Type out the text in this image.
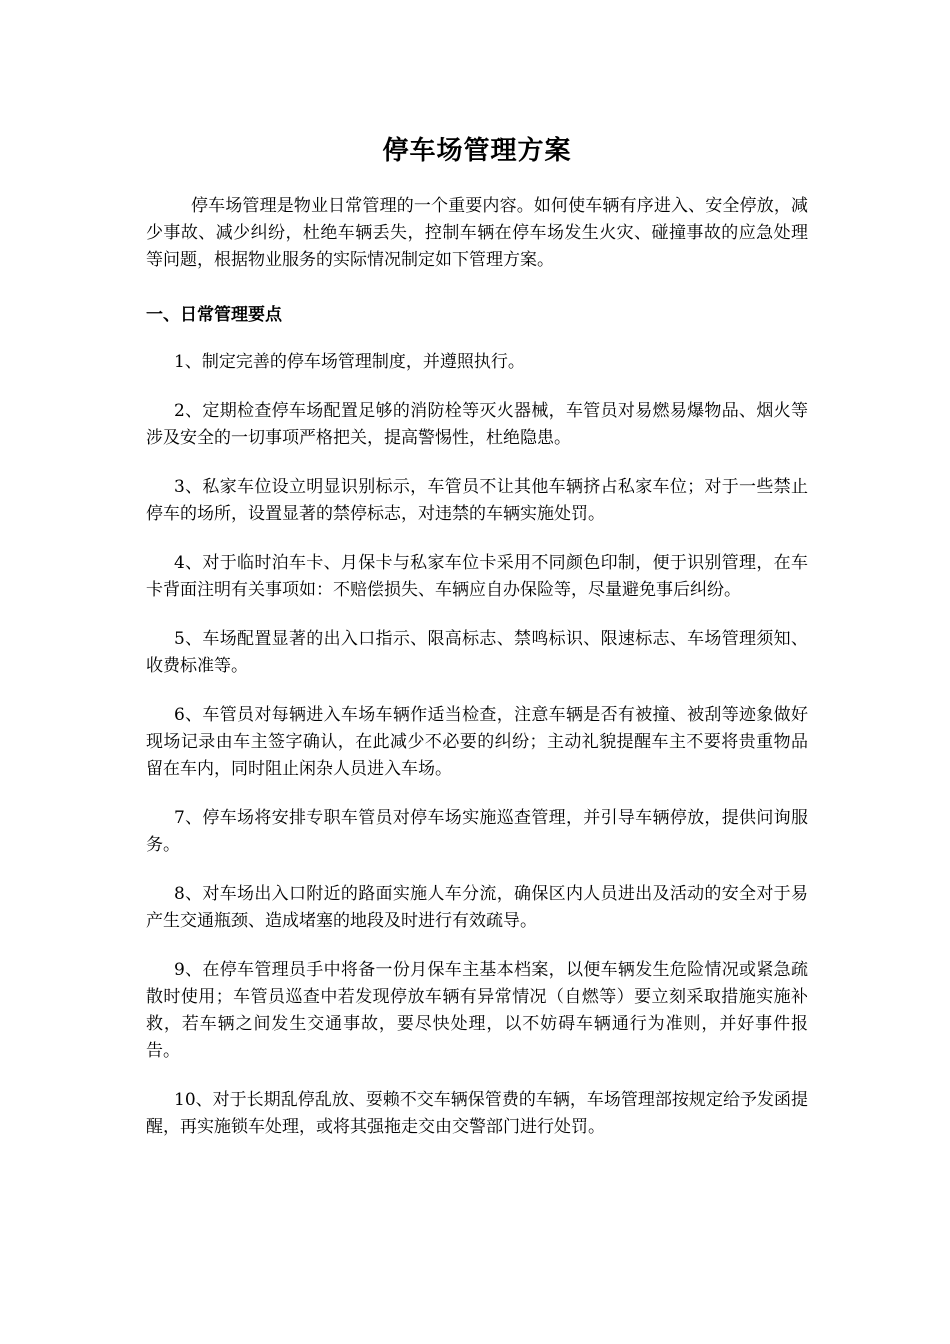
停车场管理方案

停车场管理是物业日常管理的一个重要内容。如何使车辆有序进入、安全停放，减少事故、减少纠纷，杜绝车辆丢失，控制车辆在停车场发生火灾、碰撞事故的应急处理等问题，根据物业服务的实际情况制定如下管理方案。

一、日常管理要点

1、制定完善的停车场管理制度，并遵照执行。

2、定期检查停车场配置足够的消防栓等灭火器械，车管员对易燃易爆物品、烟火等涉及安全的一切事项严格把关，提高警惕性，杜绝隐患。

3、私家车位设立明显识别标示，车管员不让其他车辆挤占私家车位；对于一些禁止停车的场所，设置显著的禁停标志，对违禁的车辆实施处罚。

4、对于临时泊车卡、月保卡与私家车位卡采用不同颜色印制，便于识别管理，在车卡背面注明有关事项如：不赔偿损失、车辆应自办保险等，尽量避免事后纠纷。

5、车场配置显著的出入口指示、限高标志、禁鸣标识、限速标志、车场管理须知、收费标准等。

6、车管员对每辆进入车场车辆作适当检查，注意车辆是否有被撞、被刮等迹象做好现场记录由车主签字确认，在此减少不必要的纠纷；主动礼貌提醒车主不要将贵重物品留在车内，同时阻止闲杂人员进入车场。

7、停车场将安排专职车管员对停车场实施巡查管理，并引导车辆停放，提供问询服务。

8、对车场出入口附近的路面实施人车分流，确保区内人员进出及活动的安全对于易产生交通瓶颈、造成堵塞的地段及时进行有效疏导。

9、在停车管理员手中将备一份月保车主基本档案，以便车辆发生危险情况或紧急疏散时使用；车管员巡查中若发现停放车辆有异常情况（自燃等）要立刻采取措施实施补救，若车辆之间发生交通事故，要尽快处理，以不妨碍车辆通行为准则，并好事件报告。

10、对于长期乱停乱放、耍赖不交车辆保管费的车辆，车场管理部按规定给予发函提醒，再实施锁车处理，或将其强拖走交由交警部门进行处罚。
